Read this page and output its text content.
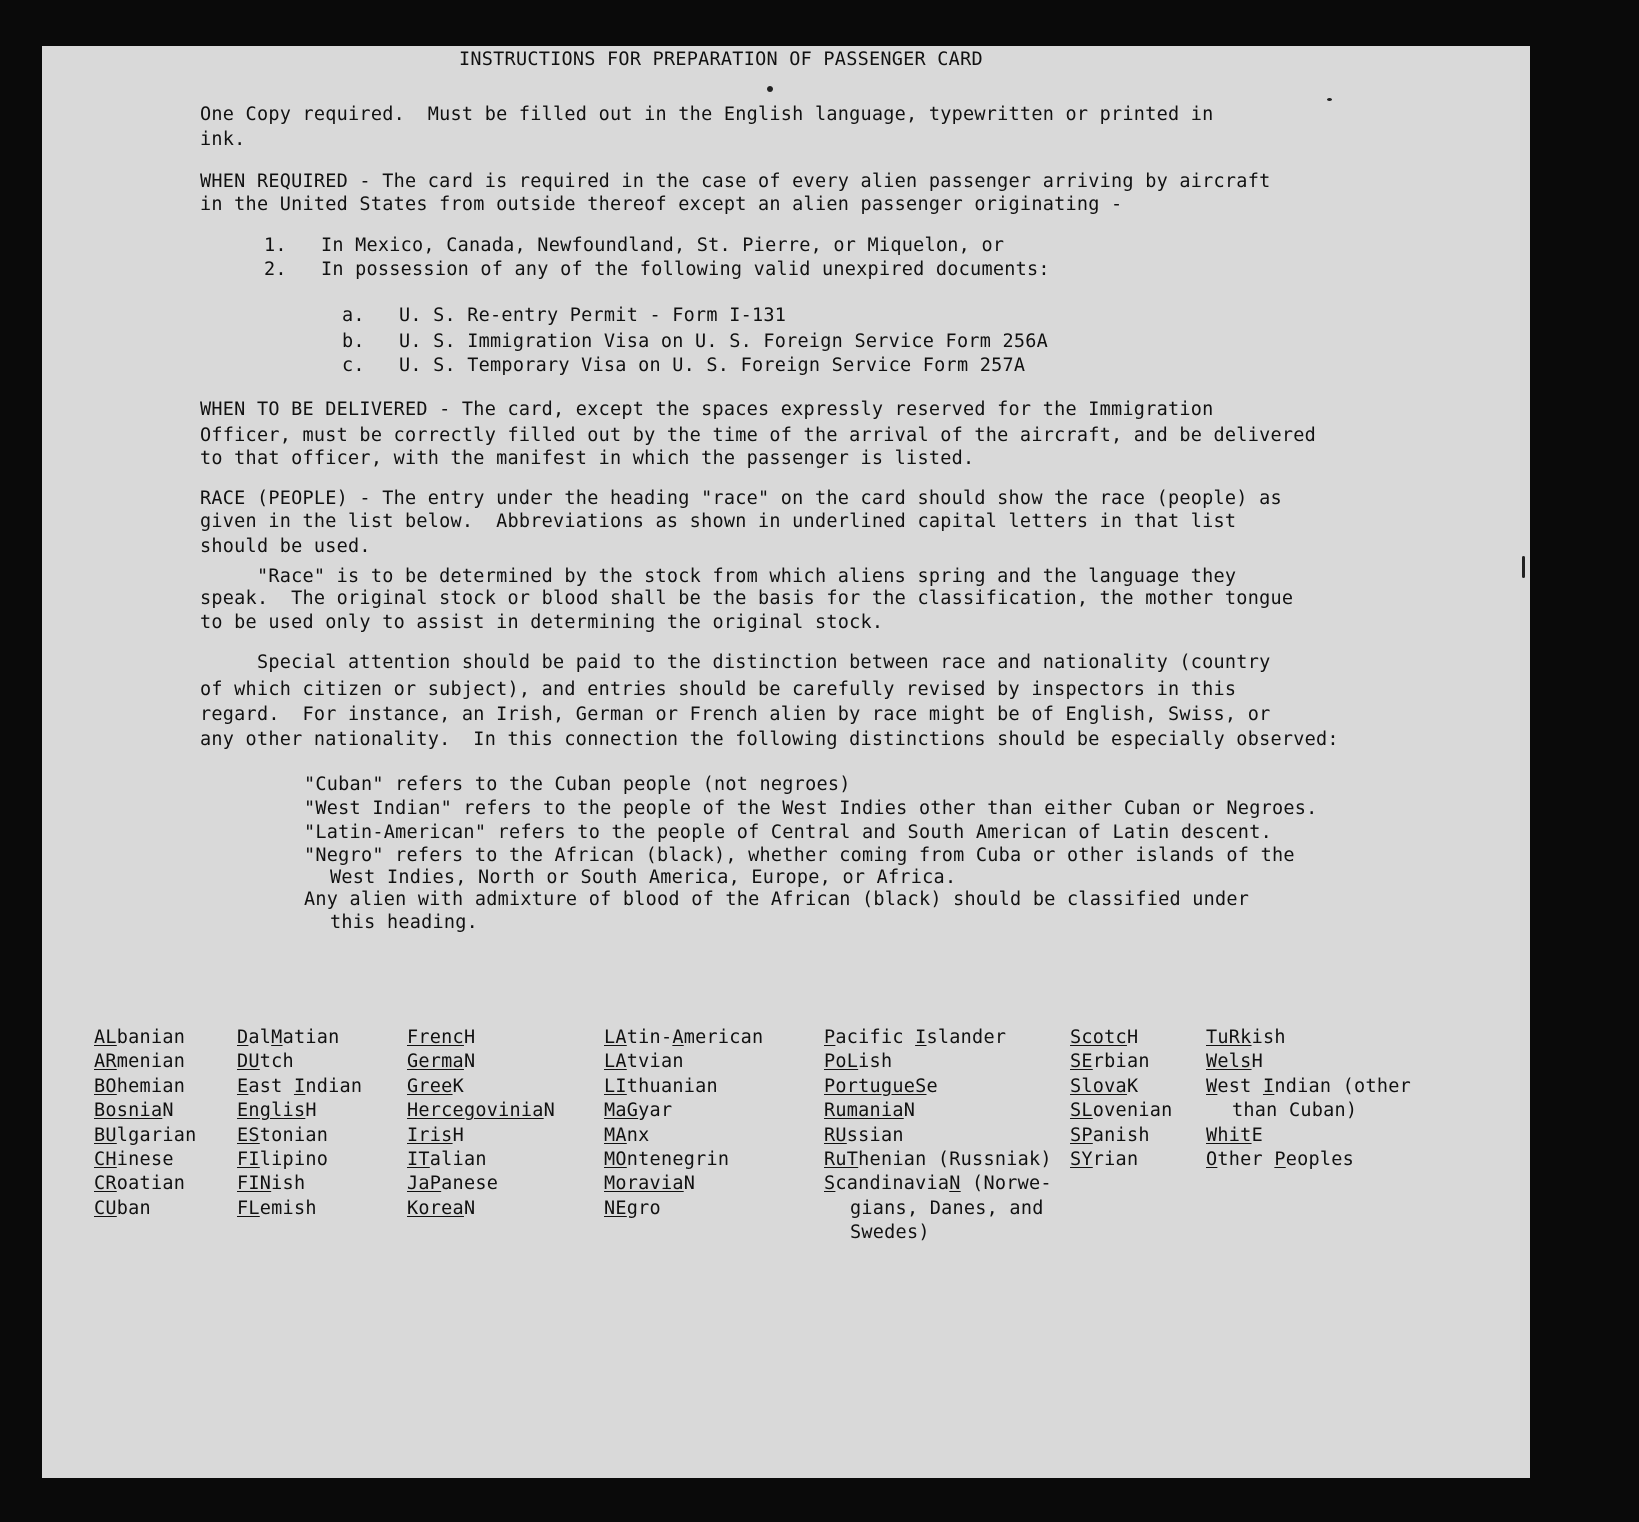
INSTRUCTIONS FOR PREPARATION OF PASSENGER CARD

One Copy required.  Must be filled out in the English language, typewritten or printed in

ink.

WHEN REQUIRED - The card is required in the case of every alien passenger arriving by aircraft

in the United States from outside thereof except an alien passenger originating -

1.   In Mexico, Canada, Newfoundland, St. Pierre, or Miquelon, or

2.   In possession of any of the following valid unexpired documents:

a.   U. S. Re-entry Permit - Form I-131

b.   U. S. Immigration Visa on U. S. Foreign Service Form 256A

c.   U. S. Temporary Visa on U. S. Foreign Service Form 257A

WHEN TO BE DELIVERED - The card, except the spaces expressly reserved for the Immigration

Officer, must be correctly filled out by the time of the arrival of the aircraft, and be delivered

to that officer, with the manifest in which the passenger is listed.

RACE (PEOPLE) - The entry under the heading "race" on the card should show the race (people) as

given in the list below.  Abbreviations as shown in underlined capital letters in that list

should be used.

"Race" is to be determined by the stock from which aliens spring and the language they

speak.  The original stock or blood shall be the basis for the classification, the mother tongue

to be used only to assist in determining the original stock.

Special attention should be paid to the distinction between race and nationality (country

of which citizen or subject), and entries should be carefully revised by inspectors in this

regard.  For instance, an Irish, German or French alien by race might be of English, Swiss, or

any other nationality.  In this connection the following distinctions should be especially observed:

"Cuban" refers to the Cuban people (not negroes)

"West Indian" refers to the people of the West Indies other than either Cuban or Negroes.

"Latin-American" refers to the people of Central and South American of Latin descent.

"Negro" refers to the African (black), whether coming from Cuba or other islands of the

West Indies, North or South America, Europe, or Africa.

Any alien with admixture of blood of the African (black) should be classified under

this heading.

ALbanian
ARmenian
BOhemian
BosniaN
BUlgarian
CHinese
CRoatian
CUban
DalMatian
DUtch
East Indian
EnglisH
EStonian
FIlipino
FINish
FLemish
FrencH
GermaN
GreeK
HercegoviniaN
IrisH
ITalian
JaPanese
KoreaN
LAtin-American
LAtvian
LIthuanian
MaGyar
MAnx
MOntenegrin
MoraviaN
NEgro
Pacific Islander
PoLish
PortugueSe
RumaniaN
RUssian
RuThenian (Russniak)
ScandinaviaN (Norwe-
gians, Danes, and
Swedes)
ScotcH
SErbian
SlovaK
SLovenian
SPanish
SYrian
TuRkish
WelsH
West Indian (other
than Cuban)
WhitE
Other Peoples
